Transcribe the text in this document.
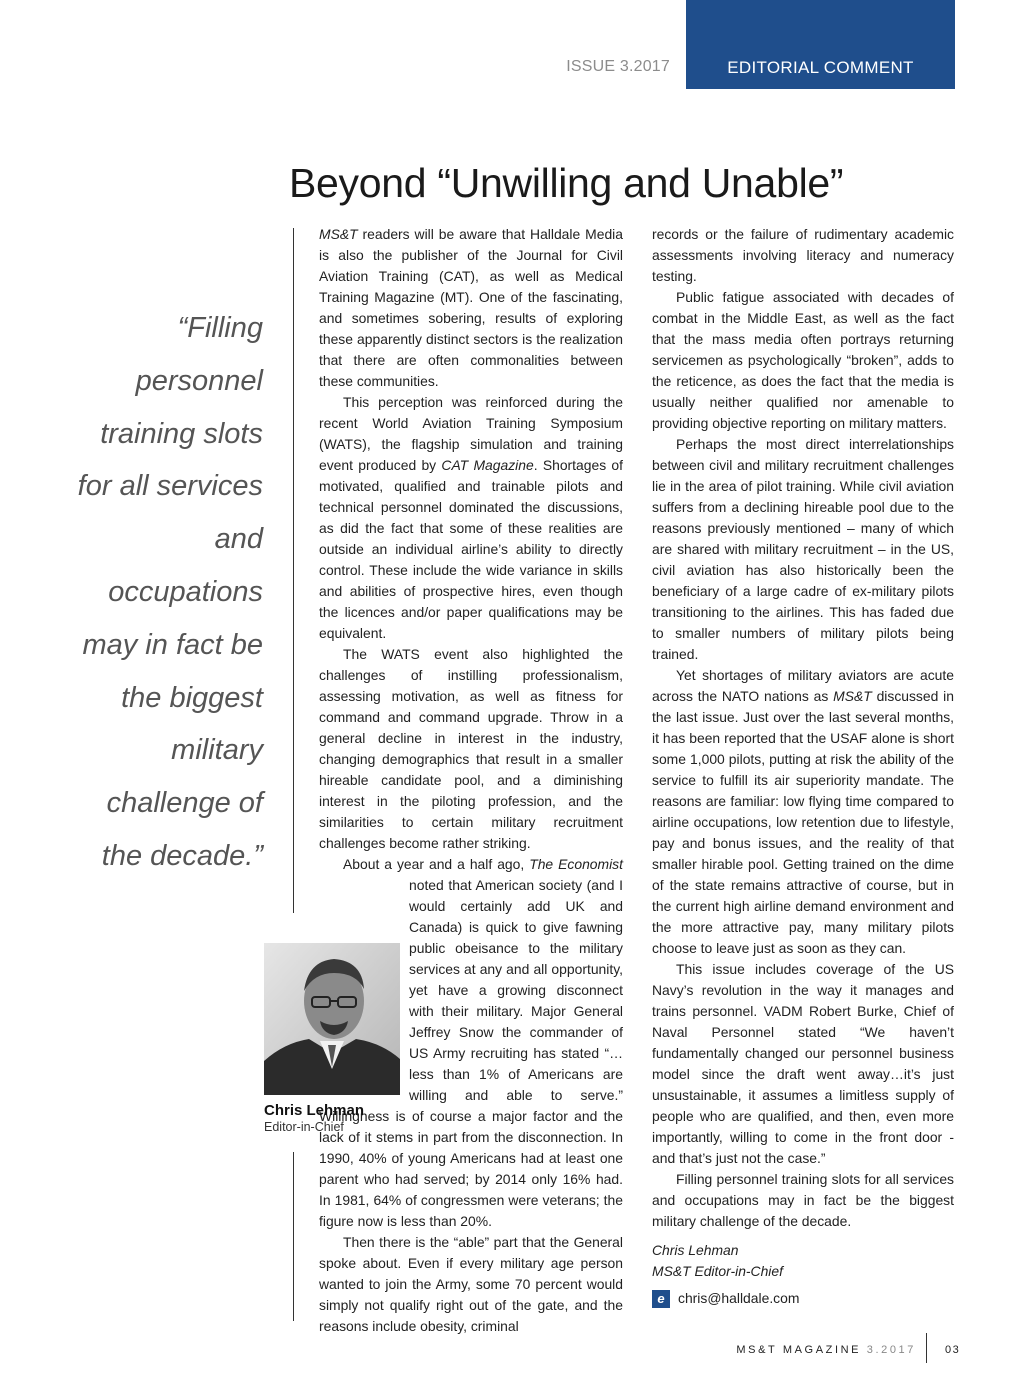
ISSUE 3.2017	EDITORIAL COMMENT
Beyond “Unwilling and Unable”
“Filling personnel training slots for all services and occupations may in fact be the biggest military challenge of the decade.”

MS&T readers will be aware that Halldale Media is also the publisher of the Journal for Civil Aviation Training (CAT), as well as Medical Training Magazine (MT). One of the fascinating, and sometimes sobering, results of exploring these apparently distinct sectors is the realization that there are often commonalities between these communities.

This perception was reinforced during the recent World Aviation Training Symposium (WATS), the flagship simulation and training event produced by CAT Magazine. Shortages of motivated, qualified and trainable pilots and technical personnel dominated the discussions, as did the fact that some of these realities are outside an individual airline’s ability to directly control. These include the wide variance in skills and abilities of prospective hires, even though the licences and/or paper qualifications may be equivalent.

The WATS event also highlighted the challenges of instilling professionalism, assessing motivation, as well as fitness for command and command upgrade. Throw in a general decline in interest in the industry, changing demographics that result in a smaller hireable candidate pool, and a diminishing interest in the piloting profession, and the similarities to certain military recruitment challenges become rather striking.

About a year and a half ago, The Economist
noted that American society (and I would certainly add UK and Canada) is quick to give fawning public obeisance to the military services at any and all opportunity, yet have a growing disconnect with their military. Major General Jeffrey Snow the commander of US Army recruiting has stated “… less than 1% of Americans are willing and able to serve.” Willingness is of course a major factor and the lack of it stems in part from the disconnection. In 1990, 40% of young Americans had at least one parent who had served; by 2014 only 16% had. In 1981, 64% of congressmen were veterans; the figure now is less than 20%.

Then there is the “able” part that the General spoke about. Even if every military age person wanted to join the Army, some 70 percent would simply not qualify right out of the gate, and the reasons include obesity, criminal

Chris Lehman
Editor-in-Chief

records or the failure of rudimentary academic assessments involving literacy and numeracy testing.

Public fatigue associated with decades of combat in the Middle East, as well as the fact that the mass media often portrays returning servicemen as psychologically “broken”, adds to the reticence, as does the fact that the media is usually neither qualified nor amenable to providing objective reporting on military matters.

Perhaps the most direct interrelationships between civil and military recruitment challenges lie in the area of pilot training. While civil aviation suffers from a declining hireable pool due to the reasons previously mentioned – many of which are shared with military recruitment – in the US, civil aviation has also historically been the beneficiary of a large cadre of ex-military pilots transitioning to the airlines. This has faded due to smaller numbers of military pilots being trained.

Yet shortages of military aviators are acute across the NATO nations as MS&T discussed in the last issue. Just over the last several months, it has been reported that the USAF alone is short some 1,000 pilots, putting at risk the ability of the service to fulfill its air superiority mandate. The reasons are familiar: low flying time compared to airline occupations, low retention due to lifestyle, pay and bonus issues, and the reality of that smaller hirable pool. Getting trained on the dime of the state remains attractive of course, but in the current high airline demand environment and the more attractive pay, many military pilots choose to leave just as soon as they can.

This issue includes coverage of the US Navy’s revolution in the way it manages and trains personnel. VADM Robert Burke, Chief of Naval Personnel stated “We haven’t fundamentally changed our personnel business model since the draft went away…it’s just unsustainable, it assumes a limitless supply of people who are qualified, and then, even more importantly, willing to come in the front door - and that’s just not the case.”

Filling personnel training slots for all services and occupations may in fact be the biggest military challenge of the decade.

Chris Lehman
MS&T Editor-in-Chief
e chris@halldale.com
MS&T MAGAZINE 3.2017	03
